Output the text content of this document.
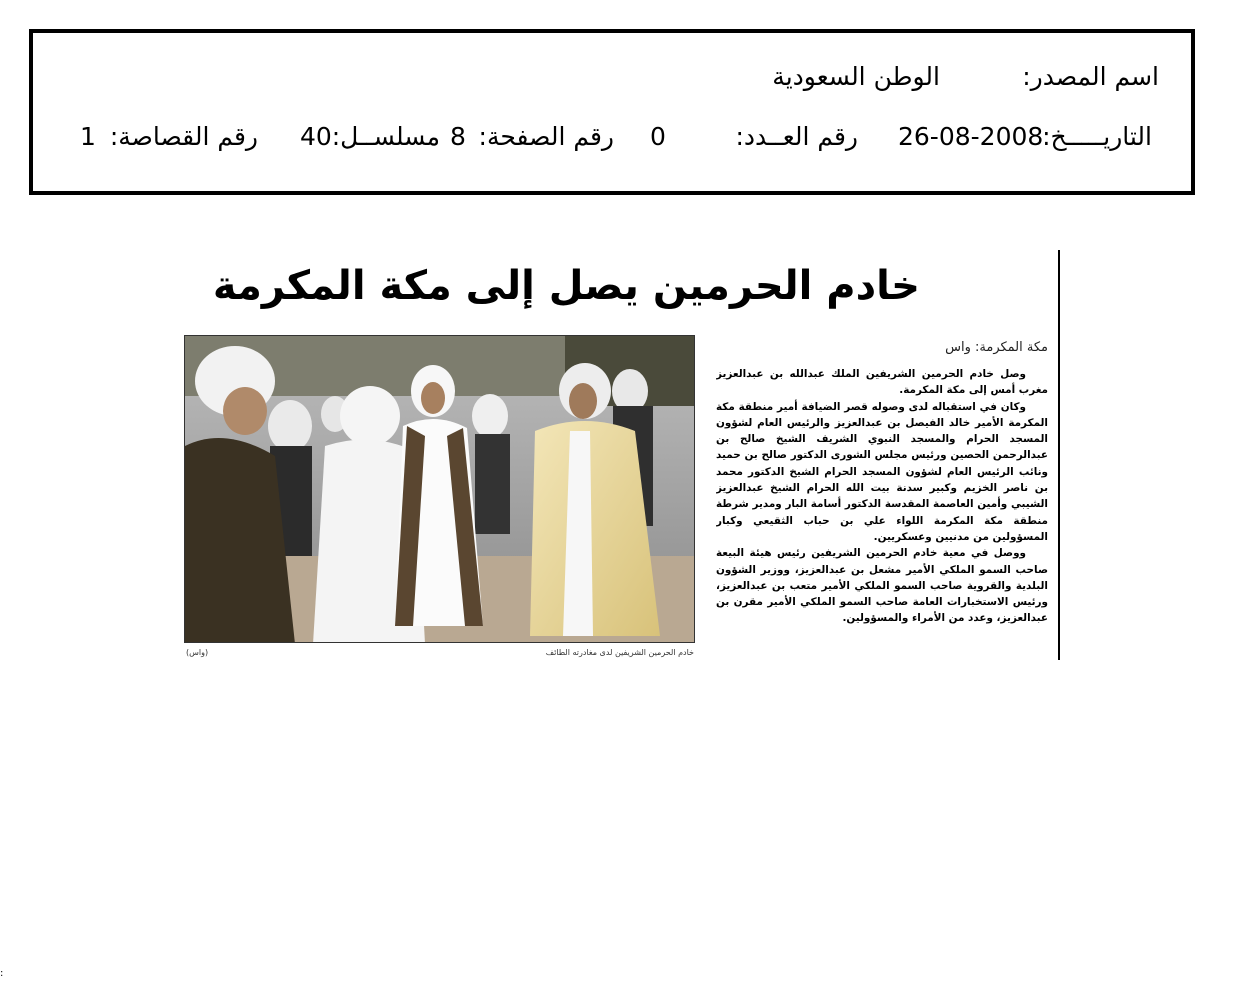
اسم المصدر:
الوطن السعودية
التاريـــــخ:
26-08-2008
رقم العــدد:
0
رقم الصفحة:
8
مسلســل:
40
رقم القصاصة:
1
خادم الحرمين يصل إلى مكة المكرمة
مكة المكرمة: واس

وصل خادم الحرمين الشريفين الملك عبدالله بن عبدالعزيز مغرب أمس إلى مكة المكرمة.

وكان في استقباله لدى وصوله قصر الضيافة أمير منطقة مكة المكرمة الأمير خالد الفيصل بن عبدالعزيز والرئيس العام لشؤون المسجد الحرام والمسجد النبوي الشريف الشيخ صالح بن عبدالرحمن الحصين ورئيس مجلس الشورى الدكتور صالح بن حميد ونائب الرئيس العام لشؤون المسجد الحرام الشيخ الدكتور محمد بن ناصر الخزيم وكبير سدنة بيت الله الحرام الشيخ عبدالعزيز الشيبي وأمين العاصمة المقدسة الدكتور أسامة البار ومدير شرطة منطقة مكة المكرمة اللواء علي بن حباب الثقيعي وكبار المسؤولين من مدنيين وعسكريين.

ووصل في معية خادم الحرمين الشريفين رئيس هيئة البيعة صاحب السمو الملكي الأمير مشعل بن عبدالعزيز، ووزير الشؤون البلدية والقروية صاحب السمو الملكي الأمير متعب بن عبدالعزيز، ورئيس الاستخبارات العامة صاحب السمو الملكي الأمير مقرن بن عبدالعزيز، وعدد من الأمراء والمسؤولين.

خادم الحرمين الشريفين لدى مغادرته الطائف
(واس)
:
